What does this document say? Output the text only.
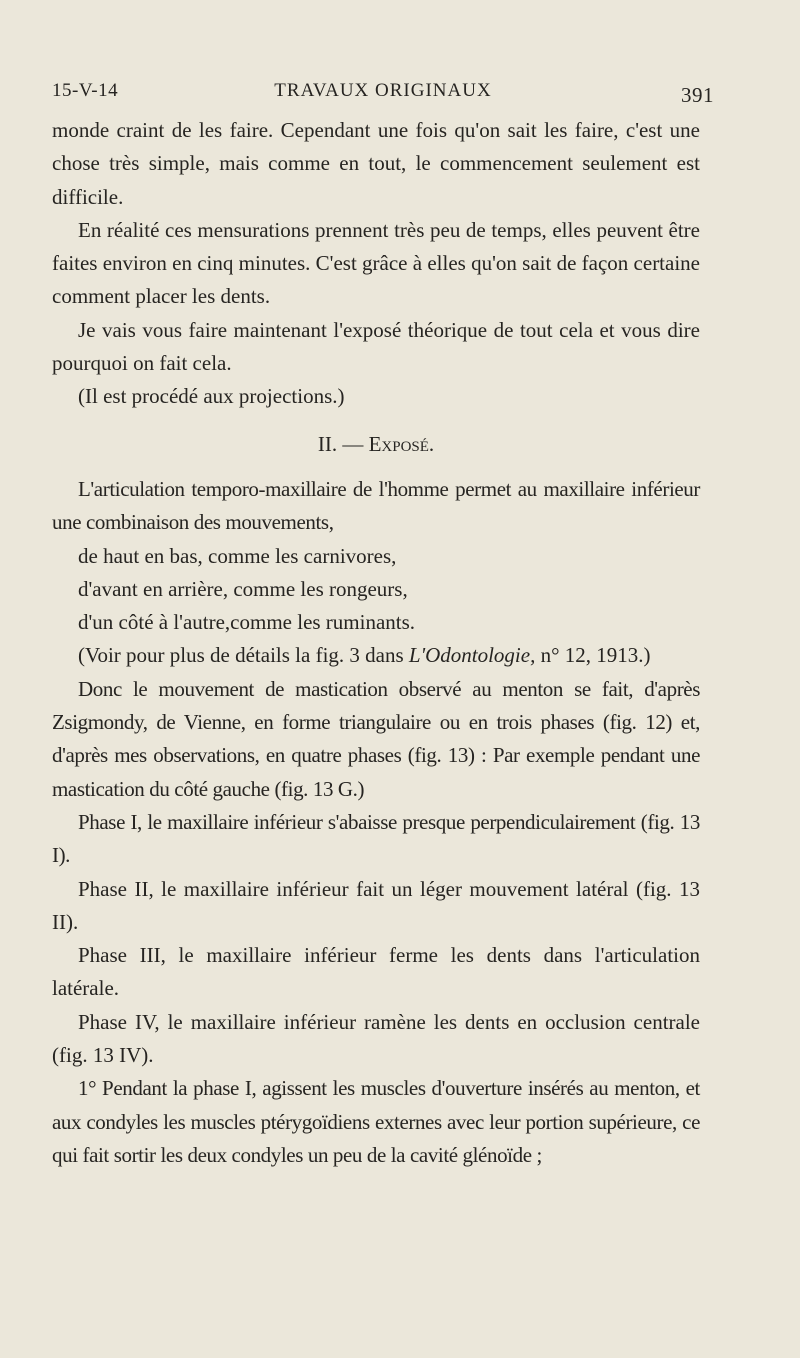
15-V-14	TRAVAUX ORIGINAUX	391

monde craint de les faire. Cependant une fois qu'on sait les faire, c'est une chose très simple, mais comme en tout, le commencement seulement est difficile.

En réalité ces mensurations prennent très peu de temps, elles peuvent être faites environ en cinq minutes. C'est grâce à elles qu'on sait de façon certaine comment placer les dents.

Je vais vous faire maintenant l'exposé théorique de tout cela et vous dire pourquoi on fait cela.

(Il est procédé aux projections.)

II. — Exposé.

L'articulation temporo-maxillaire de l'homme permet au maxillaire inférieur une combinaison des mouvements,

de haut en bas, comme les carnivores,

d'avant en arrière, comme les rongeurs,

d'un côté à l'autre,comme les ruminants.

(Voir pour plus de détails la fig. 3 dans L'Odontologie, n° 12, 1913.)

Donc le mouvement de mastication observé au menton se fait, d'après Zsigmondy, de Vienne, en forme triangulaire ou en trois phases (fig. 12) et, d'après mes observations, en quatre phases (fig. 13) : Par exemple pendant une mastication du côté gauche (fig. 13 G.)

Phase I, le maxillaire inférieur s'abaisse presque perpendiculairement (fig. 13 I).

Phase II, le maxillaire inférieur fait un léger mouvement latéral (fig. 13 II).

Phase III, le maxillaire inférieur ferme les dents dans l'articulation latérale.

Phase IV, le maxillaire inférieur ramène les dents en occlusion centrale (fig. 13 IV).

1° Pendant la phase I, agissent les muscles d'ouverture insérés au menton, et aux condyles les muscles ptérygoïdiens externes avec leur portion supérieure, ce qui fait sortir les deux condyles un peu de la cavité glénoïde ;
